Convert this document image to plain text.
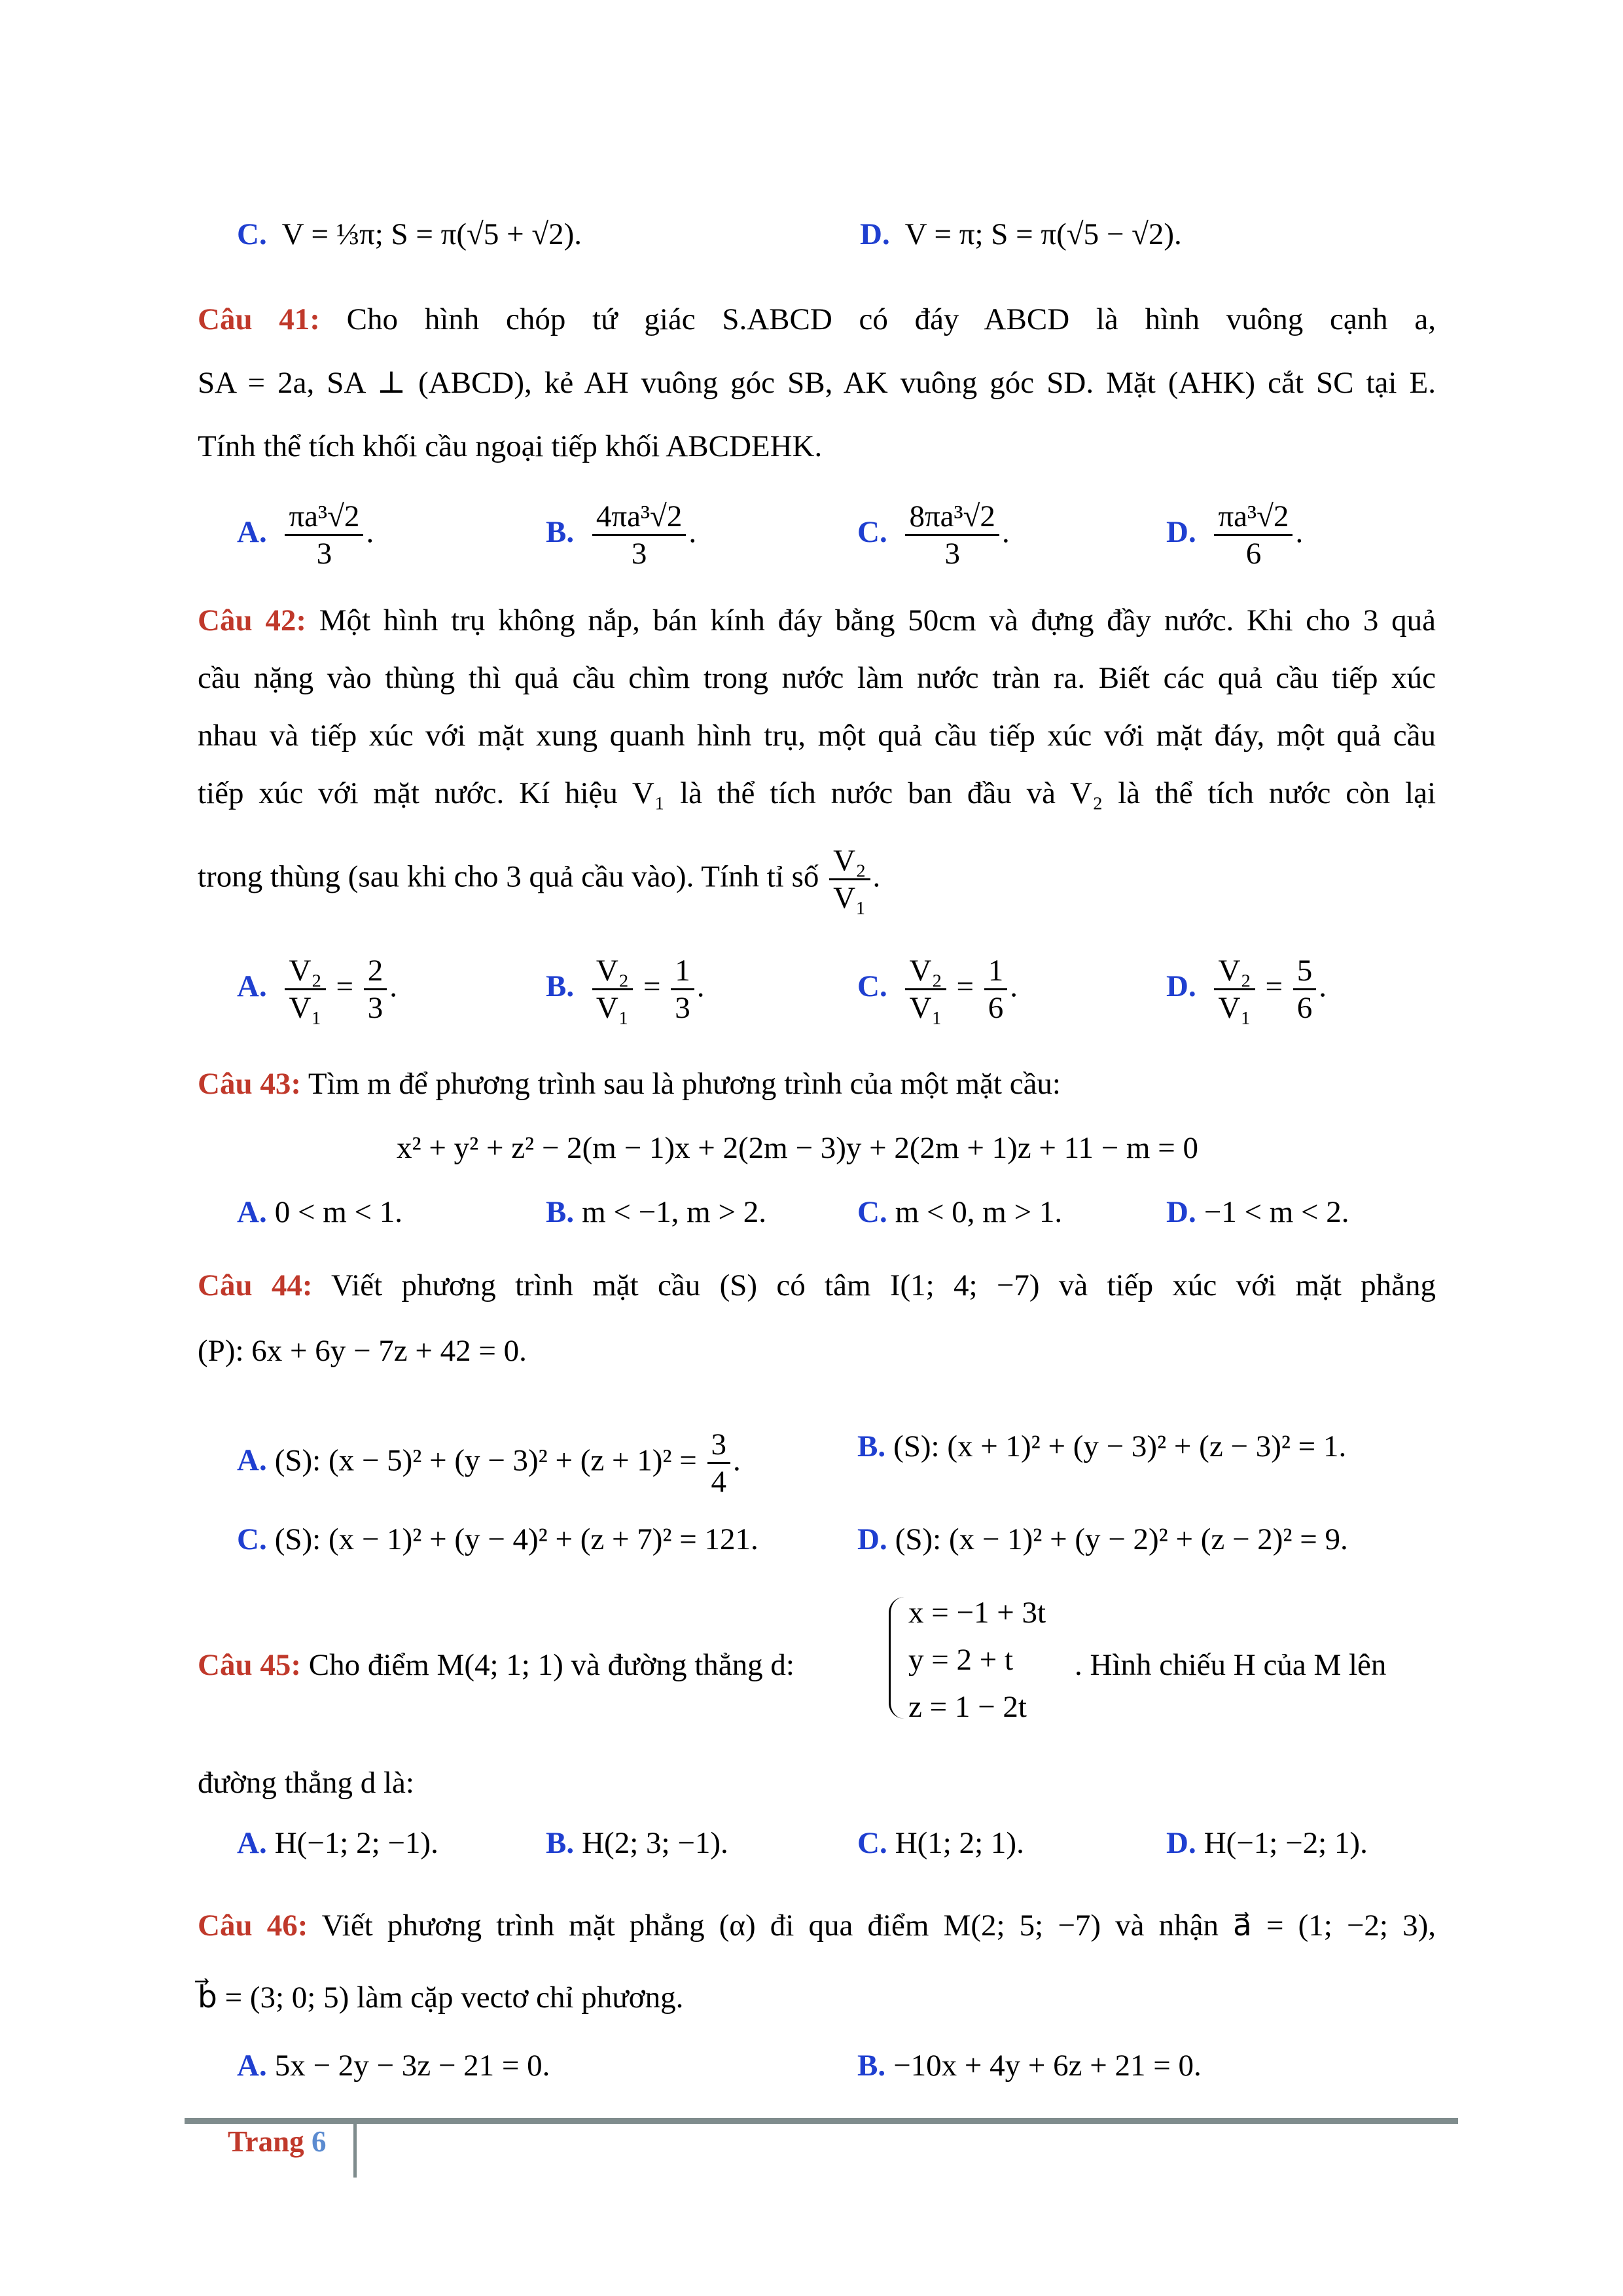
C. V = ⅓π; S = π(√5 + √2).	D. V = π; S = π(√5 − √2).
Câu 41: Cho hình chóp tứ giác S.ABCD có đáy ABCD là hình vuông cạnh a,
SA = 2a, SA ⊥ (ABCD), kẻ AH vuông góc SB, AK vuông góc SD. Mặt (AHK) cắt SC tại E.
Tính thể tích khối cầu ngoại tiếp khối ABCDEHK.
A. $\frac{\text{πa³√2}}{3}$ .	B. $\frac{\text{4πa³√2}}{3}$ .	C. $\frac{\text{8πa³√2}}{3}$ .	D. $\frac{\text{πa³√2}}{6}$ .
Câu 42: Một hình trụ không nắp, bán kính đáy bằng 50cm và đựng đầy nước. Khi cho 3 quả
cầu nặng vào thùng thì quả cầu chìm trong nước làm nước tràn ra. Biết các quả cầu tiếp xúc
nhau và tiếp xúc với mặt xung quanh hình trụ, một quả cầu tiếp xúc với mặt đáy, một quả cầu
tiếp xúc với mặt nước. Kí hiệu V₁ là thể tích nước ban đầu và V₂ là thể tích nước còn lại
trong thùng (sau khi cho 3 quả cầu vào). Tính tỉ số $\frac{\text{V₂}}{\text{V₁}}$ .
A. $\frac{\text{V₂}}{\text{V₁}} = \frac{2}{3}$ .	B. $\frac{\text{V₂}}{\text{V₁}} = \frac{1}{3}$ .	C. $\frac{\text{V₂}}{\text{V₁}} = \frac{1}{6}$ .	D. $\frac{\text{V₂}}{\text{V₁}} = \frac{5}{6}$ .
Câu 43: Tìm m để phương trình sau là phương trình của một mặt cầu:
x² + y² + z² − 2(m − 1)x + 2(2m − 3)y + 2(2m + 1)z + 11 − m = 0
A. 0 < m < 1.	B. m < −1, m > 2.	C. m < 0, m > 1.	D. −1 < m < 2.
Câu 44: Viết phương trình mặt cầu (S) có tâm I(1; 4; −7) và tiếp xúc với mặt phẳng
(P): 6x + 6y − 7z + 42 = 0.
A. (S): $(x - 5)^2 + (y - 3)^2 + (z + 1)^2 = \frac{3}{4}$ .	B. (S): (x + 1)² + (y − 3)² + (z − 3)² = 1.
C. (S): (x − 1)² + (y − 4)² + (z + 7)² = 121.	D. (S): (x − 1)² + (y − 2)² + (z − 2)² = 9.
Câu 45: Cho điểm M(4; 1; 1) và đường thẳng d:
x = −1 + 3t
y = 2 + t
z = 1 − 2t
. Hình chiếu H của M lên
đường thẳng d là:
A. H(−1; 2; −1).	B. H(2; 3; −1).	C. H(1; 2; 1).	D. H(−1; −2; 1).
Câu 46: Viết phương trình mặt phẳng (α) đi qua điểm M(2; 5; −7) và nhận a⃗ = (1; −2; 3),
b⃗ = (3; 0; 5) làm cặp vectơ chỉ phương.
A. 5x − 2y − 3z − 21 = 0.	B. −10x + 4y + 6z + 21 = 0.
Trang 6
